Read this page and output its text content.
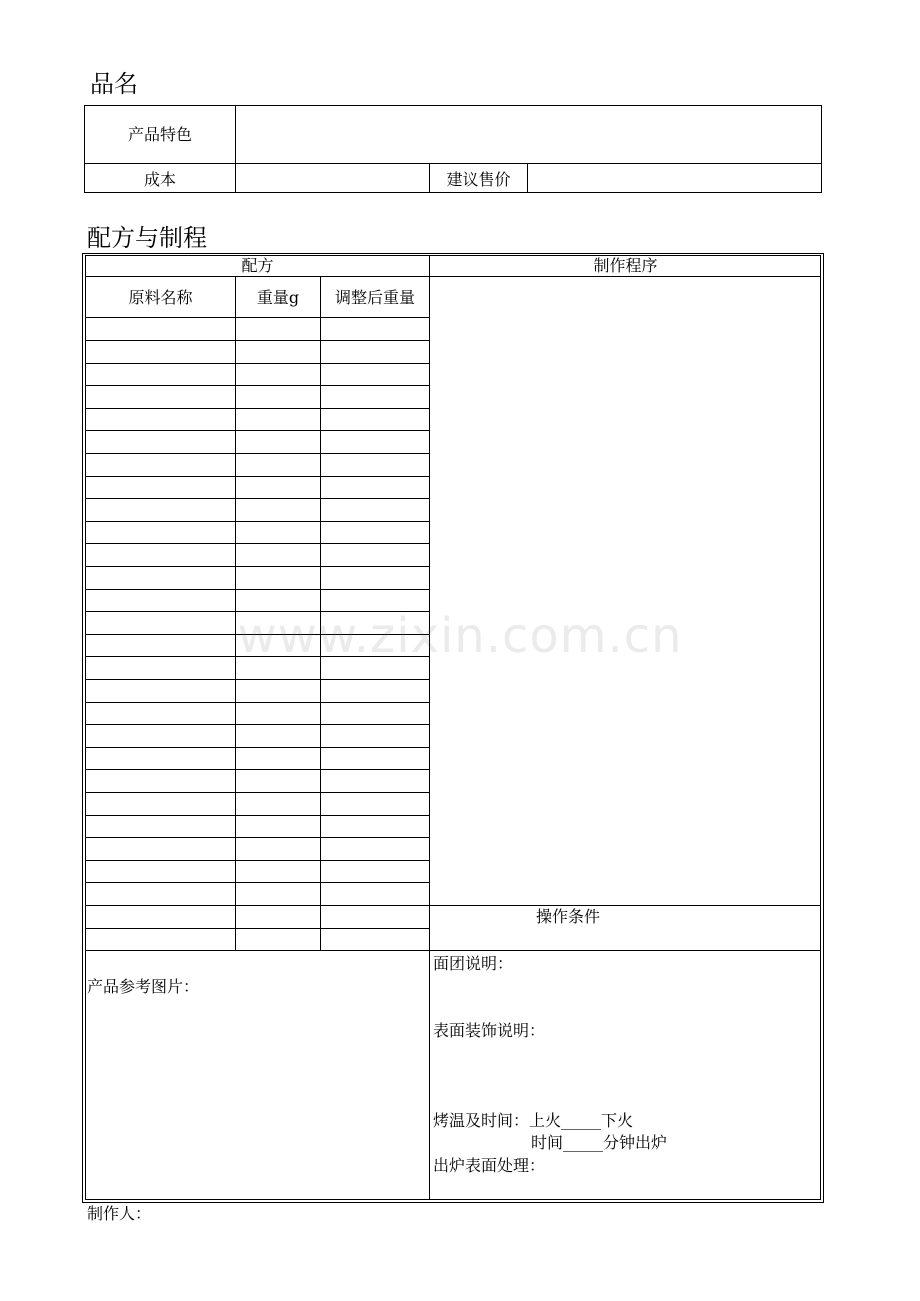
品名
产品特色
成本	建议售价
配方与制程
配方	制作程序
原料名称	重量g	调整后重量
操作条件
产品参考图片：
面团说明：
表面装饰说明：
烤温及时间：上火_____下火
时间_____分钟出炉
出炉表面处理：
制作人：
www.zixin.com.cn
